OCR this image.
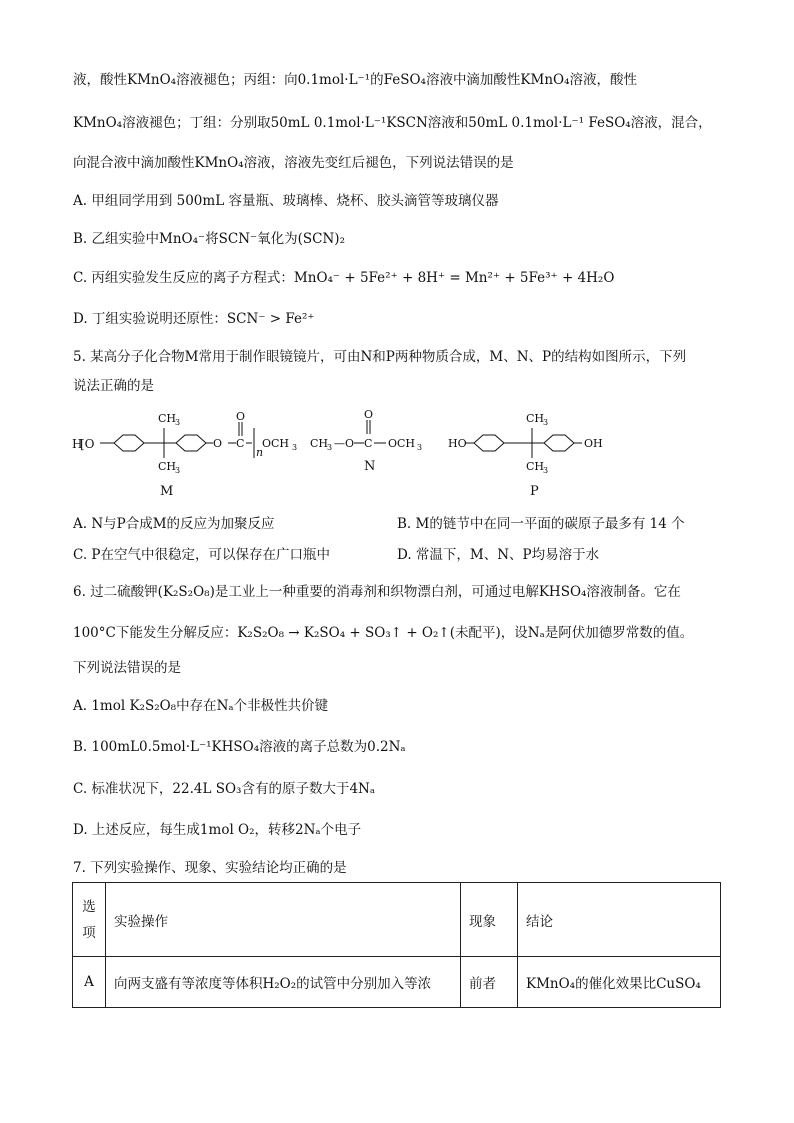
液，酸性KMnO₄溶液褪色；丙组：向0.1mol·L⁻¹的FeSO₄溶液中滴加酸性KMnO₄溶液，酸性
KMnO₄溶液褪色；丁组：分别取50mL 0.1mol·L⁻¹KSCN溶液和50mL 0.1mol·L⁻¹ FeSO₄溶液，混合，
向混合液中滴加酸性KMnO₄溶液，溶液先变红后褪色，下列说法错误的是
A. 甲组同学用到 500mL 容量瓶、玻璃棒、烧杯、胶头滴管等玻璃仪器
B. 乙组实验中MnO₄⁻将SCN⁻氧化为(SCN)₂
C. 丙组实验发生反应的离子方程式：MnO₄⁻ + 5Fe²⁺ + 8H⁺ = Mn²⁺ + 5Fe³⁺ + 4H₂O
D. 丁组实验说明还原性：SCN⁻ > Fe²⁺
5. 某高分子化合物M常用于制作眼镜镜片，可由N和P两种物质合成，M、N、P的结构如图所示，下列
说法正确的是
H
[O
CH
3
CH
3
O
O
C
n
OCH 3
M
CH
3 —O
O
C OCH 3
N
HO
CH
3
CH
3
OH
P
A. N与P合成M的反应为加聚反应	B. M的链节中在同一平面的碳原子最多有 14 个
C. P在空气中很稳定，可以保存在广口瓶中	D. 常温下，M、N、P均易溶于水
6. 过二硫酸钾(K₂S₂O₈)是工业上一种重要的消毒剂和织物漂白剂，可通过电解KHSO₄溶液制备。它在
100°C下能发生分解反应：K₂S₂O₈ → K₂SO₄ + SO₃↑ + O₂↑(未配平)，设Nₐ是阿伏加德罗常数的值。
下列说法错误的是
A. 1mol K₂S₂O₈中存在Nₐ个非极性共价键
B. 100mL0.5mol·L⁻¹KHSO₄溶液的离子总数为0.2Nₐ
C. 标准状况下，22.4L SO₃含有的原子数大于4Nₐ
D. 上述反应，每生成1mol O₂，转移2Nₐ个电子
7. 下列实验操作、现象、实验结论均正确的是
选项	实验操作	现象	结论
A	向两支盛有等浓度等体积H₂O₂的试管中分别加入等浓	前者	KMnO₄的催化效果比CuSO₄
